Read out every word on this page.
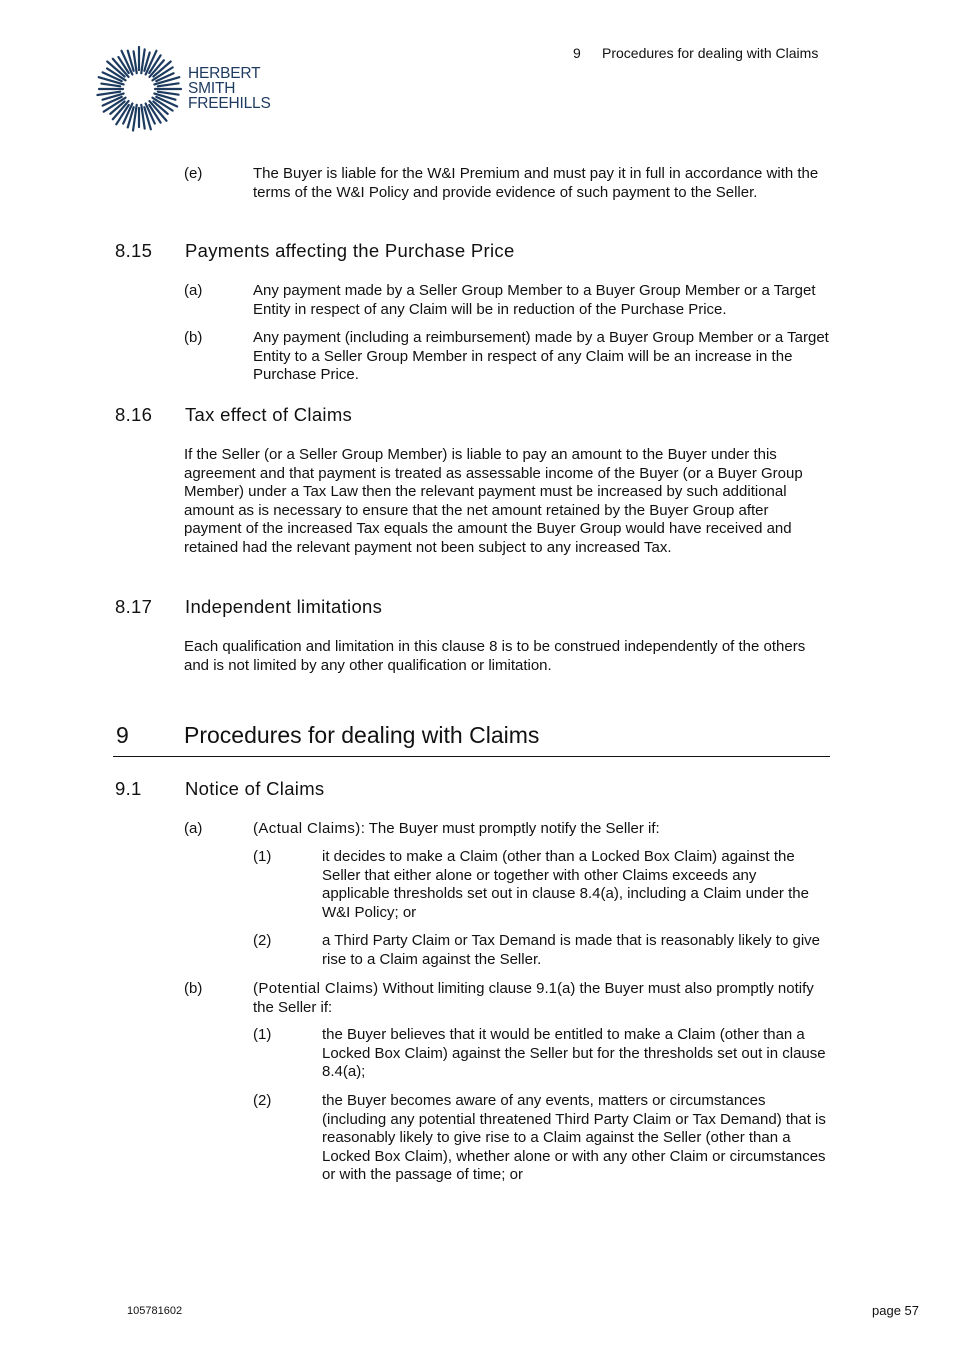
HERBERT
SMITH
FREEHILLS
9 Procedures for dealing with Claims
(e)	The Buyer is liable for the W&I Premium and must pay it in full in accordance with the terms of the W&I Policy and provide evidence of such payment to the Seller.
8.15 Payments affecting the Purchase Price
(a)	Any payment made by a Seller Group Member to a Buyer Group Member or a Target Entity in respect of any Claim will be in reduction of the Purchase Price.
(b)	Any payment (including a reimbursement) made by a Buyer Group Member or a Target Entity to a Seller Group Member in respect of any Claim will be an increase in the Purchase Price.
8.16 Tax effect of Claims
If the Seller (or a Seller Group Member) is liable to pay an amount to the Buyer under this agreement and that payment is treated as assessable income of the Buyer (or a Buyer Group Member) under a Tax Law then the relevant payment must be increased by such additional amount as is necessary to ensure that the net amount retained by the Buyer Group after payment of the increased Tax equals the amount the Buyer Group would have received and retained had the relevant payment not been subject to any increased Tax.
8.17 Independent limitations
Each qualification and limitation in this clause 8 is to be construed independently of the others and is not limited by any other qualification or limitation.
9 Procedures for dealing with Claims
9.1 Notice of Claims
(a)	(Actual Claims): The Buyer must promptly notify the Seller if:
(1)	it decides to make a Claim (other than a Locked Box Claim) against the Seller that either alone or together with other Claims exceeds any applicable thresholds set out in clause 8.4(a), including a Claim under the W&I Policy; or
(2)	a Third Party Claim or Tax Demand is made that is reasonably likely to give rise to a Claim against the Seller.
(b)	(Potential Claims) Without limiting clause 9.1(a) the Buyer must also promptly notify the Seller if:
(1)	the Buyer believes that it would be entitled to make a Claim (other than a Locked Box Claim) against the Seller but for the thresholds set out in clause 8.4(a);
(2)	the Buyer becomes aware of any events, matters or circumstances (including any potential threatened Third Party Claim or Tax Demand) that is reasonably likely to give rise to a Claim against the Seller (other than a Locked Box Claim), whether alone or with any other Claim or circumstances or with the passage of time; or
105781602	page 57
